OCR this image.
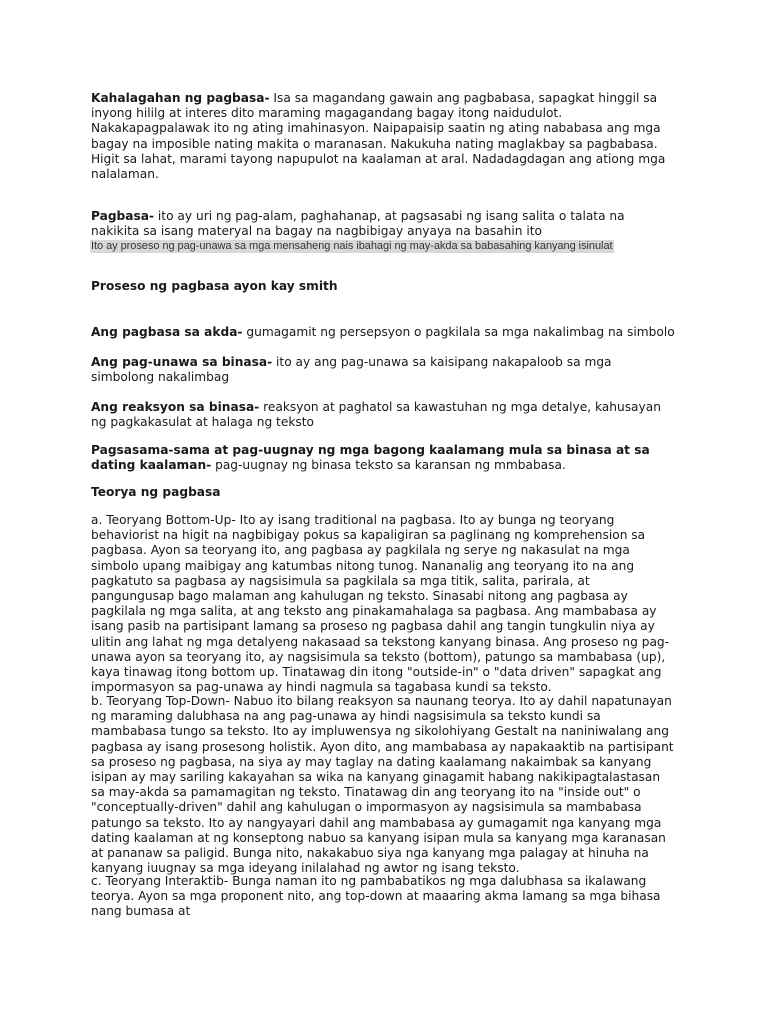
Kahalagahan ng pagbasa- Isa sa magandang gawain ang pagbabasa, sapagkat hinggil sa inyong hililg at interes dito maraming magagandang bagay itong naidudulot. Nakakapagpalawak ito ng ating imahinasyon. Naipapaisip saatin ng ating nababasa ang mga bagay na imposible nating makita o maranasan. Nakukuha nating maglakbay sa pagbabasa. Higit sa lahat, marami tayong napupulot na kaalaman at aral. Nadadagdagan ang ationg mga nalalaman.

Pagbasa- ito ay uri ng pag-alam, paghahanap, at pagsasabi ng isang salita o talata na nakikita sa isang materyal na bagay na nagbibigay anyaya na basahin ito

Ito ay proseso ng pag-unawa sa mga mensaheng nais ibahagi ng may-akda sa babasahing kanyang isinulat

Proseso ng pagbasa ayon kay smith

Ang pagbasa sa akda- gumagamit ng persepsyon o pagkilala sa mga nakalimbag na simbolo

Ang pag-unawa sa binasa- ito ay ang pag-unawa sa kaisipang nakapaloob sa mga simbolong nakalimbag

Ang reaksyon sa binasa- reaksyon at paghatol sa kawastuhan ng mga detalye, kahusayan ng pagkakasulat at halaga ng teksto

Pagsasama-sama at pag-uugnay ng mga bagong kaalamang mula sa binasa at sa dating kaalaman- pag-uugnay ng binasa teksto sa karansan ng mmbabasa.

Teorya ng pagbasa

a. Teoryang Bottom-Up- Ito ay isang traditional na pagbasa. Ito ay bunga ng teoryang behaviorist na higit na nagbibigay pokus sa kapaligiran sa paglinang ng komprehension sa pagbasa. Ayon sa teoryang ito, ang pagbasa ay pagkilala ng serye ng nakasulat na mga simbolo upang maibigay ang katumbas nitong tunog. Nananalig ang teoryang ito na ang pagkatuto sa pagbasa ay nagsisimula sa pagkilala sa mga titik, salita, parirala, at pangungusap bago malaman ang kahulugan ng teksto. Sinasabi nitong ang pagbasa ay pagkilala ng mga salita, at ang teksto ang pinakamahalaga sa pagbasa. Ang mambabasa ay isang pasib na partisipant lamang sa proseso ng pagbasa dahil ang tangin tungkulin niya ay ulitin ang lahat ng mga detalyeng nakasaad sa tekstong kanyang binasa. Ang proseso ng pag-unawa ayon sa teoryang ito, ay nagsisimula sa teksto (bottom), patungo sa mambabasa (up), kaya tinawag itong bottom up. Tinatawag din itong "outside-in" o "data driven" sapagkat ang impormasyon sa pag-unawa ay hindi nagmula sa tagabasa kundi sa teksto.

b. Teoryang Top-Down- Nabuo ito bilang reaksyon sa naunang teorya. Ito ay dahil napatunayan ng maraming dalubhasa na ang pag-unawa ay hindi nagsisimula sa teksto kundi sa mambabasa tungo sa teksto. Ito ay impluwensya ng sikolohiyang Gestalt na naniniwalang ang pagbasa ay isang prosesong holistik. Ayon dito, ang mambabasa ay napakaaktib na partisipant sa proseso ng pagbasa, na siya ay may taglay na dating kaalamang nakaimbak sa kanyang isipan ay may sariling kakayahan sa wika na kanyang ginagamit habang nakikipagtalastasan sa may-akda sa pamamagitan ng teksto. Tinatawag din ang teoryang ito na "inside out" o "conceptually-driven" dahil ang kahulugan o impormasyon ay nagsisimula sa mambabasa patungo sa teksto. Ito ay nangyayari dahil ang mambabasa ay gumagamit nga kanyang mga dating kaalaman at ng konseptong nabuo sa kanyang isipan mula sa kanyang mga karanasan at pananaw sa paligid. Bunga nito, nakakabuo siya nga kanyang mga palagay at hinuha na kanyang iuugnay sa mga ideyang inilalahad ng awtor ng isang teksto.

c. Teoryang Interaktib- Bunga naman ito ng pambabatikos ng mga dalubhasa sa ikalawang teorya. Ayon sa mga proponent nito, ang top-down at maaaring akma lamang sa mga bihasa nang bumasa at
